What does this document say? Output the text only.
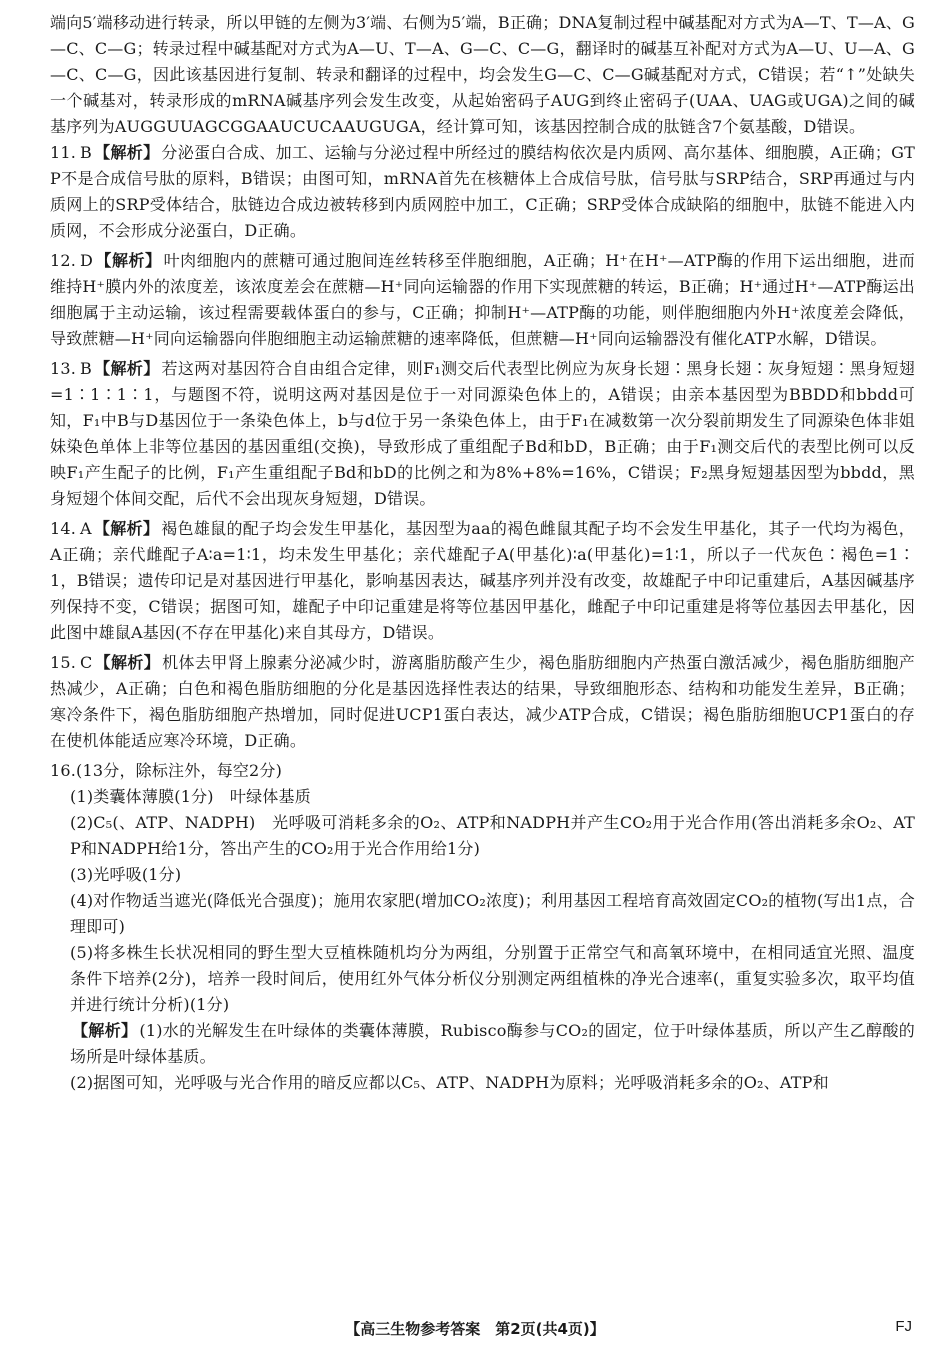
端向5′端移动进行转录，所以甲链的左侧为3′端、右侧为5′端，B正确；DNA复制过程中碱基配对方式为A—T、T—A、G—C、C—G；转录过程中碱基配对方式为A—U、T—A、G—C、C—G，翻译时的碱基互补配对方式为A—U、U—A、G—C、C—G，因此该基因进行复制、转录和翻译的过程中，均会发生G—C、C—G碱基配对方式，C错误；若“↑”处缺失一个碱基对，转录形成的mRNA碱基序列会发生改变，从起始密码子AUG到终止密码子(UAA、UAG或UGA)之间的碱基序列为AUGGUUAGCGGAAUCUCAAUGUGA，经计算可知，该基因控制合成的肽链含7个氨基酸，D错误。

11. B 【解析】 分泌蛋白合成、加工、运输与分泌过程中所经过的膜结构依次是内质网、高尔基体、细胞膜，A正确；GTP不是合成信号肽的原料，B错误；由图可知，mRNA首先在核糖体上合成信号肽，信号肽与SRP结合，SRP再通过与内质网上的SRP受体结合，肽链边合成边被转移到内质网腔中加工，C正确；SRP受体合成缺陷的细胞中，肽链不能进入内质网，不会形成分泌蛋白，D正确。
12. D 【解析】 叶肉细胞内的蔗糖可通过胞间连丝转移至伴胞细胞，A正确；H⁺在H⁺—ATP酶的作用下运出细胞，进而维持H⁺膜内外的浓度差，该浓度差会在蔗糖—H⁺同向运输器的作用下实现蔗糖的转运，B正确；H⁺通过H⁺—ATP酶运出细胞属于主动运输，该过程需要载体蛋白的参与，C正确；抑制H⁺—ATP酶的功能，则伴胞细胞内外H⁺浓度差会降低，导致蔗糖—H⁺同向运输器向伴胞细胞主动运输蔗糖的速率降低，但蔗糖—H⁺同向运输器没有催化ATP水解，D错误。
13. B 【解析】 若这两对基因符合自由组合定律，则F₁测交后代表型比例应为灰身长翅∶黑身长翅∶灰身短翅∶黑身短翅=1∶1∶1∶1，与题图不符，说明这两对基因是位于一对同源染色体上的，A错误；由亲本基因型为BBDD和bbdd可知，F₁中B与D基因位于一条染色体上，b与d位于另一条染色体上，由于F₁在减数第一次分裂前期发生了同源染色体非姐妹染色单体上非等位基因的基因重组(交换)，导致形成了重组配子Bd和bD，B正确；由于F₁测交后代的表型比例可以反映F₁产生配子的比例，F₁产生重组配子Bd和bD的比例之和为8%+8%=16%，C错误；F₂黑身短翅基因型为bbdd，黑身短翅个体间交配，后代不会出现灰身短翅，D错误。
14. A 【解析】 褐色雄鼠的配子均会发生甲基化，基因型为aa的褐色雌鼠其配子均不会发生甲基化，其子一代均为褐色，A正确；亲代雌配子A∶a=1∶1，均未发生甲基化；亲代雄配子A(甲基化)∶a(甲基化)=1∶1，所以子一代灰色∶褐色=1∶1，B错误；遗传印记是对基因进行甲基化，影响基因表达，碱基序列并没有改变，故雄配子中印记重建后，A基因碱基序列保持不变，C错误；据图可知，雄配子中印记重建是将等位基因甲基化，雌配子中印记重建是将等位基因去甲基化，因此图中雄鼠A基因(不存在甲基化)来自其母方，D错误。
15. C 【解析】 机体去甲肾上腺素分泌减少时，游离脂肪酸产生少，褐色脂肪细胞内产热蛋白激活减少，褐色脂肪细胞产热减少，A正确；白色和褐色脂肪细胞的分化是基因选择性表达的结果，导致细胞形态、结构和功能发生差异，B正确；寒冷条件下，褐色脂肪细胞产热增加，同时促进UCP1蛋白表达，减少ATP合成，C错误；褐色脂肪细胞UCP1蛋白的存在使机体能适应寒冷环境，D正确。

16.(13分，除标注外，每空2分)

(1)类囊体薄膜(1分)　叶绿体基质

(2)C₅(、ATP、NADPH)　光呼吸可消耗多余的O₂、ATP和NADPH并产生CO₂用于光合作用(答出消耗多余O₂、ATP和NADPH给1分，答出产生的CO₂用于光合作用给1分)

(3)光呼吸(1分)

(4)对作物适当遮光(降低光合强度)；施用农家肥(增加CO₂浓度)；利用基因工程培育高效固定CO₂的植物(写出1点，合理即可)

(5)将多株生长状况相同的野生型大豆植株随机均分为两组，分别置于正常空气和高氧环境中，在相同适宜光照、温度条件下培养(2分)，培养一段时间后，使用红外气体分析仪分别测定两组植株的净光合速率(，重复实验多次，取平均值并进行统计分析)(1分)

【解析】 (1)水的光解发生在叶绿体的类囊体薄膜，Rubisco酶参与CO₂的固定，位于叶绿体基质，所以产生乙醇酸的场所是叶绿体基质。

(2)据图可知，光呼吸与光合作用的暗反应都以C₅、ATP、NADPH为原料；光呼吸消耗多余的O₂、ATP和

【高三生物参考答案　第2页(共4页)】	FJ
